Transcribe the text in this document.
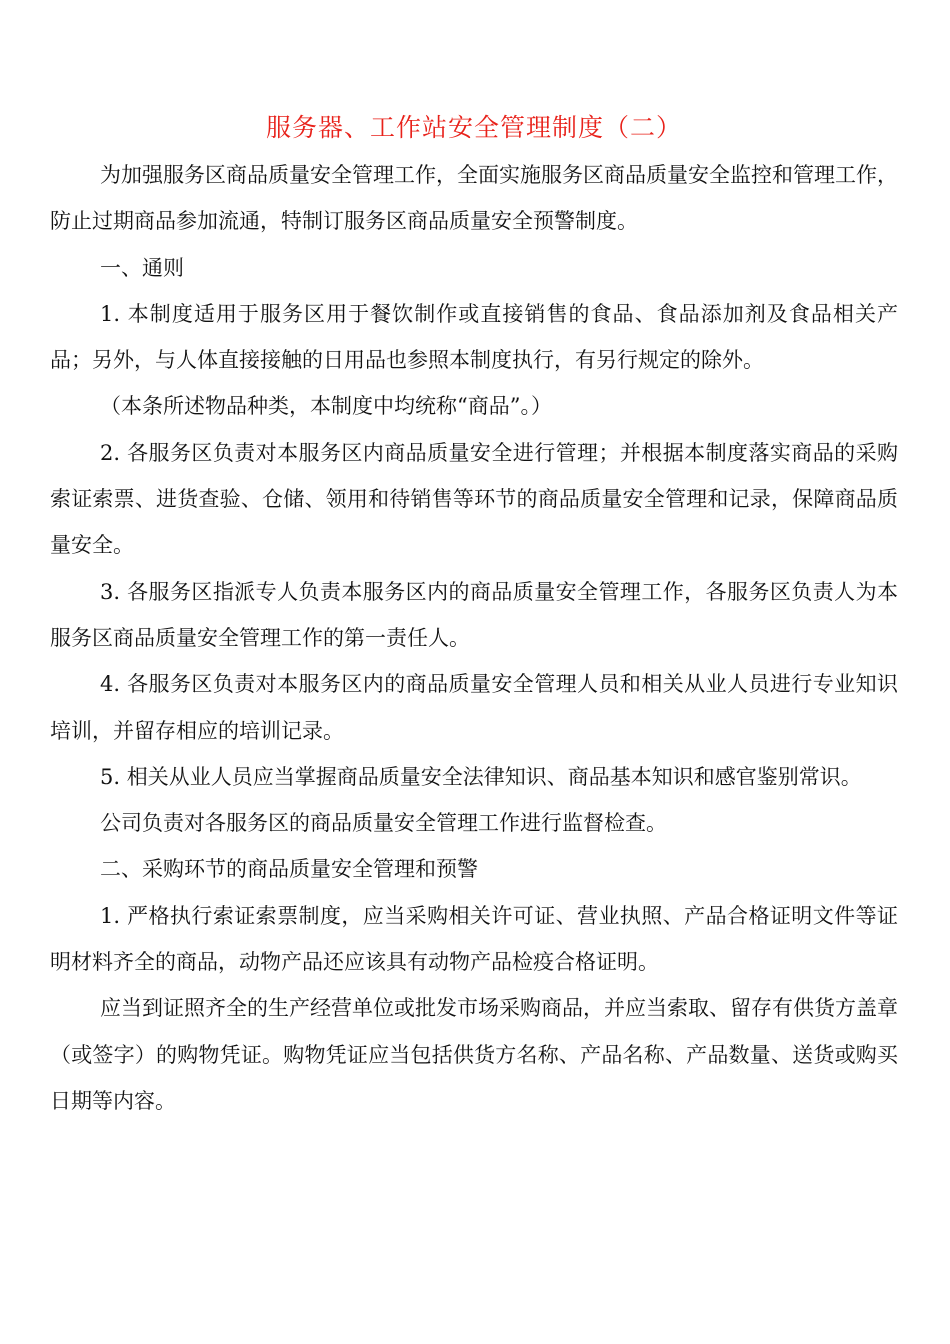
服务器、工作站安全管理制度（二）

为加强服务区商品质量安全管理工作，全面实施服务区商品质量安全监控和管理工作，防止过期商品参加流通，特制订服务区商品质量安全预警制度。

一、通则

1. 本制度适用于服务区用于餐饮制作或直接销售的食品、食品添加剂及食品相关产品；另外，与人体直接接触的日用品也参照本制度执行，有另行规定的除外。

（本条所述物品种类，本制度中均统称“商品”。）

2. 各服务区负责对本服务区内商品质量安全进行管理；并根据本制度落实商品的采购索证索票、进货查验、仓储、领用和待销售等环节的商品质量安全管理和记录，保障商品质量安全。

3. 各服务区指派专人负责本服务区内的商品质量安全管理工作，各服务区负责人为本服务区商品质量安全管理工作的第一责任人。

4. 各服务区负责对本服务区内的商品质量安全管理人员和相关从业人员进行专业知识培训，并留存相应的培训记录。

5. 相关从业人员应当掌握商品质量安全法律知识、商品基本知识和感官鉴别常识。

公司负责对各服务区的商品质量安全管理工作进行监督检查。

二、采购环节的商品质量安全管理和预警

1. 严格执行索证索票制度，应当采购相关许可证、营业执照、产品合格证明文件等证明材料齐全的商品，动物产品还应该具有动物产品检疫合格证明。

应当到证照齐全的生产经营单位或批发市场采购商品，并应当索取、留存有供货方盖章（或签字）的购物凭证。购物凭证应当包括供货方名称、产品名称、产品数量、送货或购买日期等内容。
